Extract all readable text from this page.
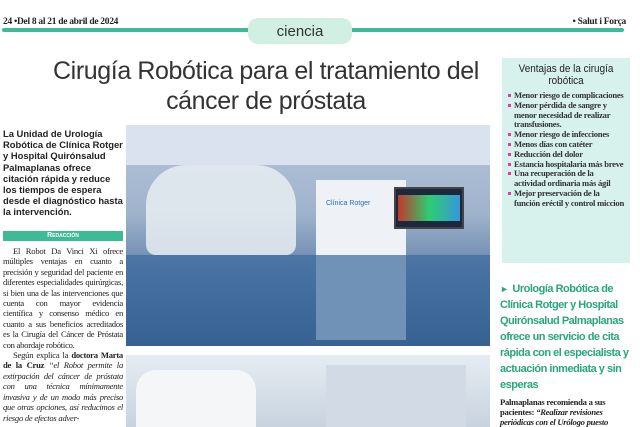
24 •Del 8 al 21 de abril de 2024
ciencia
• Salut i Força
Cirugía Robótica para el tratamiento del cáncer de próstata
La Unidad de Urología Robótica de Clínica Rotger y Hospital Quirónsalud Palmaplanas ofrece citación rápida y reduce los tiempos de espera desde el diagnóstico hasta la intervención.
Redacción

El Robot Da Vinci Xi ofrece múltiples ventajas en cuanto a precisión y seguridad del paciente en diferentes especialidades quirúrgicas, si bien una de las intervenciones que cuenta con mayor evidencia científica y consenso médico en cuanto a sus beneficios acreditados es la Cirugía del Cáncer de Próstata con abordaje robótico.

Según explica la doctora Marta de la Cruz “el Robot permite la extirpación del cáncer de próstata con una técnica mínimamente invasiva y de un modo más preciso que otras opciones, así reducimos el riesgo de efectos adver-

Clínica Rotger
Ventajas de la cirugía robótica
Menor riesgo de complicaciones
Menor pérdida de sangre y menor necesidad de realizar transfusiones.
Menor riesgo de infecciones
Menos días con catéter
Reducción del dolor
Estancia hospitalaria más breve
Una recuperación de la actividad ordinaria más ágil
Mejor preservación de la función eréctil y control miccion
► Urología Robótica de Clínica Rotger y Hospital Quirónsalud Palmaplanas ofrece un servicio de cita rápida con el especialista y actuación inmediata y sin esperas
Palmaplanas recomienda a sus pacientes: “Realizar revisiones periódicas con el Urólogo puesto
